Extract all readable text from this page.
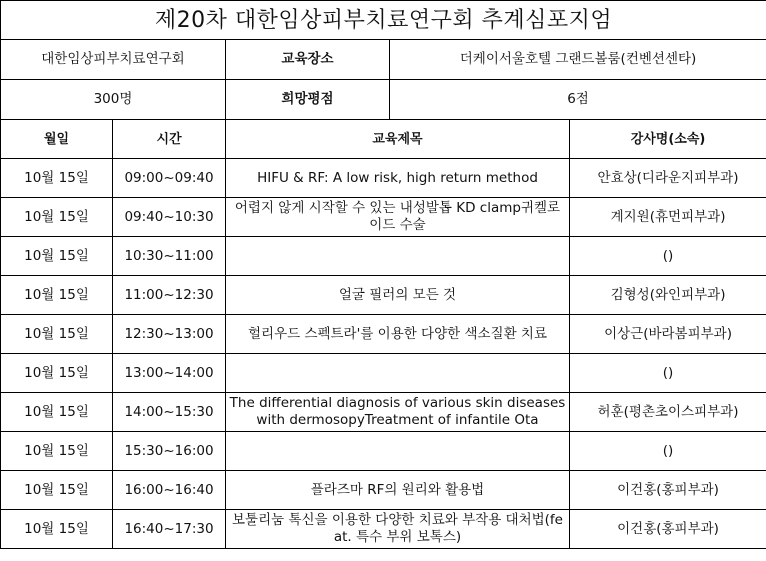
제20차 대한임상피부치료연구회 추계심포지엄				
대한임상피부치료연구회		교육장소	더케이서울호텔 그랜드볼룸(컨벤션센타)	
300명		희망평점	6점	
월일	시간	교육제목		강사명(소속)
10월 15일	09:00~09:40	HIFU & RF: A low risk, high return method		안효상(디라운지피부과)
10월 15일	09:40~10:30	어렵지 않게 시작할 수 있는 내성발톱 KD clamp귀켈로이드 수술		계지원(휴먼피부과)
10월 15일	10:30~11:00			()
10월 15일	11:00~12:30	얼굴 필러의 모든 것		김형성(와인피부과)
10월 15일	12:30~13:00	헐리우드 스펙트라'를 이용한 다양한 색소질환 치료		이상근(바라봄피부과)
10월 15일	13:00~14:00			()
10월 15일	14:00~15:30	The differential diagnosis of various skin diseases with dermosopyTreatment of infantile Ota		허훈(평촌초이스피부과)
10월 15일	15:30~16:00			()
10월 15일	16:00~16:40	플라즈마 RF의 원리와 활용법		이건홍(홍피부과)
10월 15일	16:40~17:30	보툴리눔 톡신을 이용한 다양한 치료와 부작용 대처법(feat. 특수 부위 보톡스)		이건홍(홍피부과)
